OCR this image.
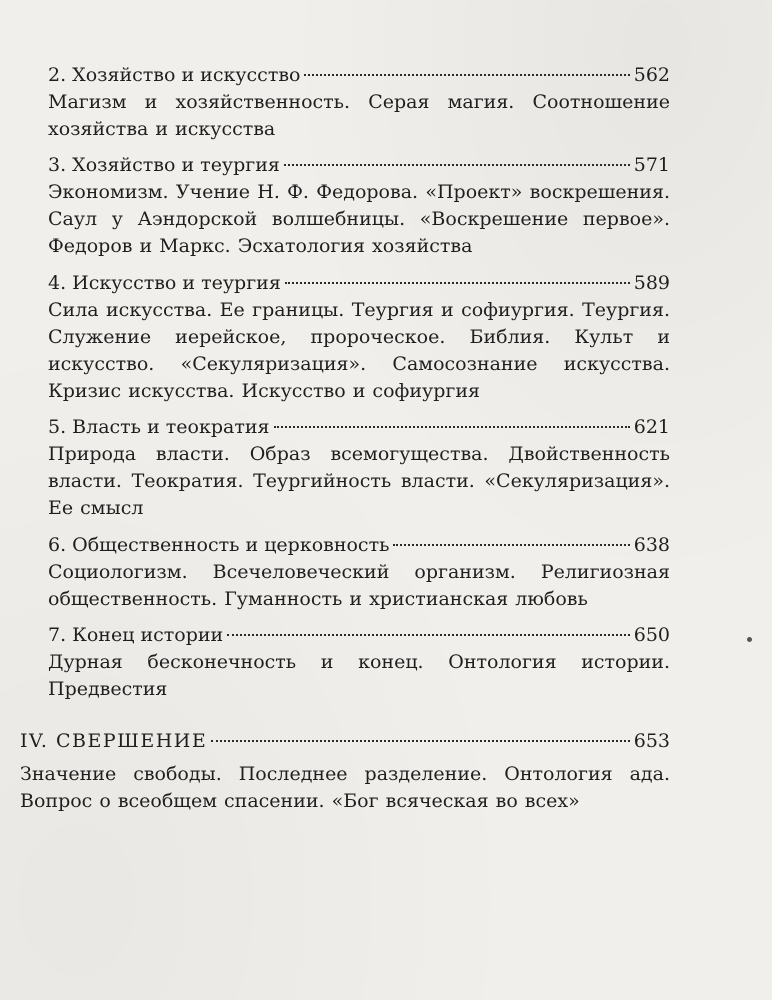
2. Хозяйство и искусство	562

Магизм и хозяйственность. Серая магия. Соотношение хозяйства и искусства

3. Хозяйство и теургия	571

Экономизм. Учение Н. Ф. Федорова. «Проект» воскрешения. Саул у Аэндорской волшебницы. «Воскрешение первое». Федоров и Маркс. Эсхатология хозяйства

4. Искусство и теургия	589

Сила искусства. Ее границы. Теургия и софиургия. Теургия. Служение иерейское, пророческое. Библия. Культ и искусство. «Секуляризация». Самосознание искусства. Кризис искусства. Искусство и софиургия

5. Власть и теократия	621

Природа власти. Образ всемогущества. Двойственность власти. Теократия. Теургийность власти. «Секуляризация». Ее смысл

6. Общественность и церковность	638

Социологизм. Всечеловеческий организм. Религиозная общественность. Гуманность и христианская любовь

7. Конец истории	650

Дурная бесконечность и конец. Онтология истории. Предвестия

IV. СВЕРШЕНИЕ	653

Значение свободы. Последнее разделение. Онтология ада. Вопрос о всеобщем спасении. «Бог всяческая во всех»
